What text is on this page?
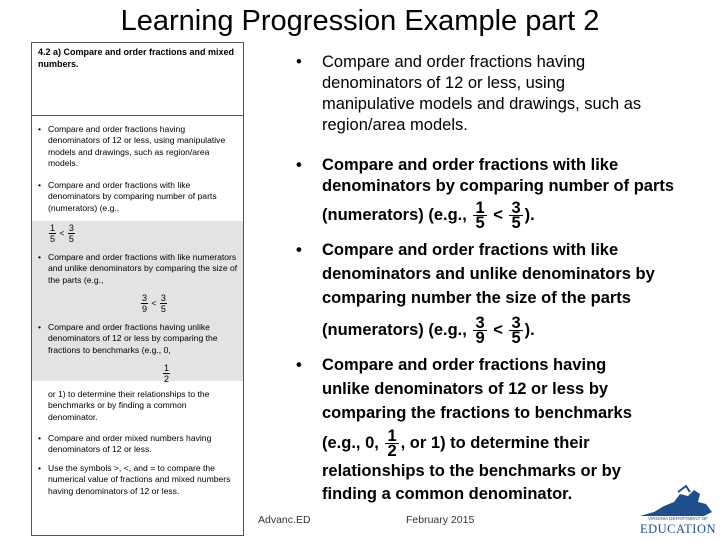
Learning Progression Example part 2
4.2 a) Compare and order fractions and mixed numbers.
• Compare and order fractions having denominators of 12 or less, using manipulative models and drawings, such as region/area models.
• Compare and order fractions with like denominators by comparing number of parts (numerators) (e.g.,
$\frac{1}{5} < \frac{3}{5}$
• Compare and order fractions with like numerators and unlike denominators by comparing the size of the parts (e.g.,
$\frac{3}{9} < \frac{3}{5}$
• Compare and order fractions having unlike denominators of 12 or less by comparing the fractions to benchmarks (e.g., 0,
$\frac{1}{2}$
or 1) to determine their relationships to the benchmarks or by finding a common denominator.
• Compare and order mixed numbers having denominators of 12 or less.
• Use the symbols >, <, and = to compare the numerical value of fractions and mixed numbers having denominators of 12 or less.
• Compare and order fractions having
denominators of 12 or less, using
manipulative models and drawings, such as
region/area models.
• Compare and order fractions with like
denominators by comparing number of parts
(numerators) (e.g., $\frac{1}{5} < \frac{3}{5}$ ).
• Compare and order fractions with like
denominators and unlike denominators by
comparing number the size of the parts
(numerators) (e.g., $\frac{3}{9} < \frac{3}{5}$ ).
• Compare and order fractions having
unlike denominators of 12 or less by
comparing the fractions to benchmarks
(e.g., 0, $\frac{1}{2}$ , or 1) to determine their
relationships to the benchmarks or by
finding a common denominator.
Advanc.ED	February 2015	VIRGINIA DEPARTMENT OF
EDUCATION
